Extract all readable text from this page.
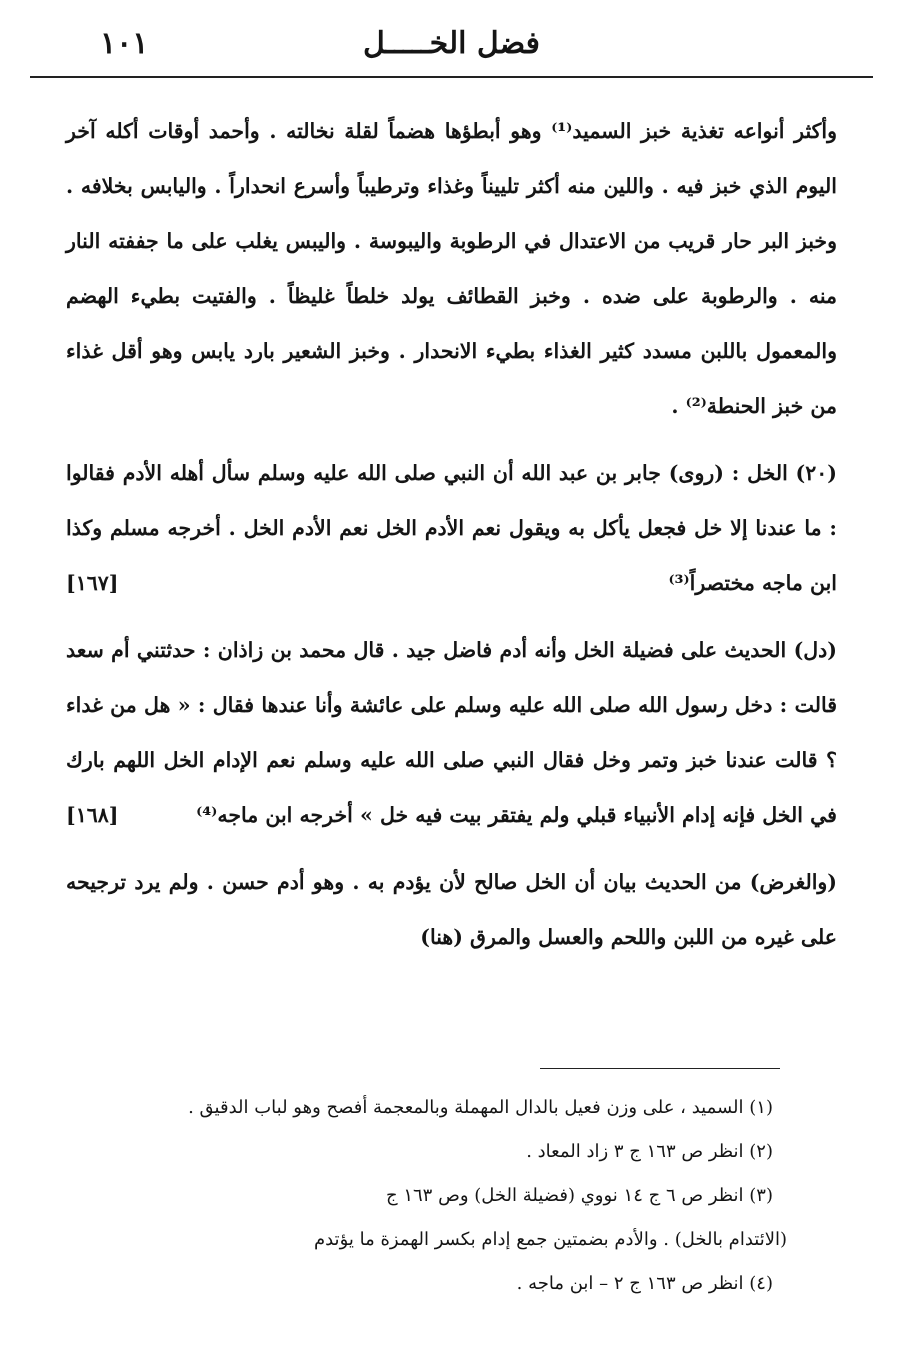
١٠١	فضل الخـــــل

وأكثر أنواعه تغذية خبز السميد⁽¹⁾ وهو أبطؤها هضماً لقلة نخالته . وأحمد أوقات أكله آخر اليوم الذي خبز فيه . واللين منه أكثر تلييناً وغذاء وترطيباً وأسرع انحداراً . واليابس بخلافه . وخبز البر حار قريب من الاعتدال في الرطوبة واليبوسة . واليبس يغلب على ما جففته النار منه . والرطوبة على ضده . وخبز القطائف يولد خلطاً غليظاً . والفتيت بطيء الهضم والمعمول باللبن مسدد كثير الغذاء بطيء الانحدار . وخبز الشعير بارد يابس وهو أقل غذاء من خبز الحنطة⁽²⁾ .

(٢٠) الخل : (روى) جابر بن عبد الله أن النبي صلى الله عليه وسلم سأل أهله الأدم فقالوا : ما عندنا إلا خل فجعل يأكل به ويقول نعم الأدم الخل نعم الأدم الخل . أخرجه مسلم وكذا ابن ماجه مختصراً⁽³⁾
[١٦٧]

(دل) الحديث على فضيلة الخل وأنه أدم فاضل جيد . قال محمد بن زاذان : حدثتني أم سعد قالت : دخل رسول الله صلى الله عليه وسلم على عائشة وأنا عندها فقال : « هل من غداء ؟ قالت عندنا خبز وتمر وخل فقال النبي صلى الله عليه وسلم نعم الإدام الخل اللهم بارك في الخل فإنه إدام الأنبياء قبلي ولم يفتقر بيت فيه خل » أخرجه ابن ماجه⁽⁴⁾
[١٦٨]

(والغرض) من الحديث بيان أن الخل صالح لأن يؤدم به . وهو أدم حسن . ولم يرد ترجيحه على غيره من اللبن واللحم والعسل والمرق (هنا)

(١) السميد ، على وزن فعيل بالدال المهملة وبالمعجمة أفصح وهو لباب الدقيق .

(٢) انظر ص ١٦٣ ج ٣ زاد المعاد .

(٣) انظر ص ٦ ج ١٤ نووي (فضيلة الخل) وص ١٦٣ ج

(الائتدام بالخل) . والأدم بضمتين جمع إدام بكسر الهمزة ما يؤتدم

(٤) انظر ص ١٦٣ ج ٢ – ابن ماجه .
